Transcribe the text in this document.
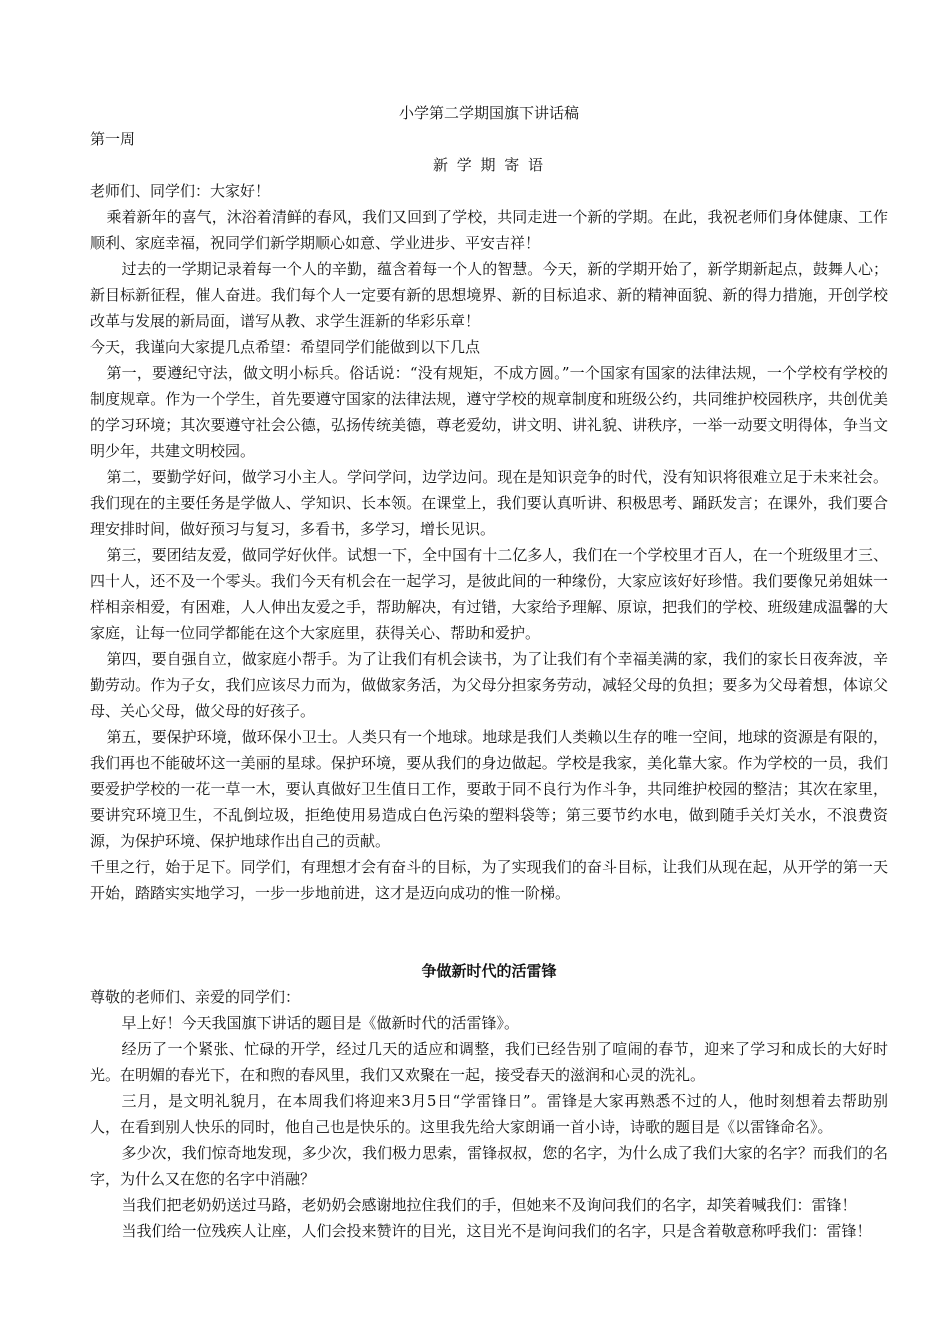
小学第二学期国旗下讲话稿

第一周

新 学 期 寄 语

老师们、同学们：大家好！

乘着新年的喜气，沐浴着清鲜的春风，我们又回到了学校，共同走进一个新的学期。在此，我祝老师们身体健康、工作顺利、家庭幸福，祝同学们新学期顺心如意、学业进步、平安吉祥！

过去的一学期记录着每一个人的辛勤，蕴含着每一个人的智慧。今天，新的学期开始了，新学期新起点，鼓舞人心；新目标新征程，催人奋进。我们每个人一定要有新的思想境界、新的目标追求、新的精神面貌、新的得力措施，开创学校改革与发展的新局面，谱写从教、求学生涯新的华彩乐章！

今天，我谨向大家提几点希望：希望同学们能做到以下几点

第一，要遵纪守法，做文明小标兵。俗话说：“没有规矩，不成方圆。”一个国家有国家的法律法规，一个学校有学校的制度规章。作为一个学生，首先要遵守国家的法律法规，遵守学校的规章制度和班级公约，共同维护校园秩序，共创优美的学习环境；其次要遵守社会公德，弘扬传统美德，尊老爱幼，讲文明、讲礼貌、讲秩序，一举一动要文明得体，争当文明少年，共建文明校园。

第二，要勤学好问，做学习小主人。学问学问，边学边问。现在是知识竞争的时代，没有知识将很难立足于未来社会。我们现在的主要任务是学做人、学知识、长本领。在课堂上，我们要认真听讲、积极思考、踊跃发言；在课外，我们要合理安排时间，做好预习与复习，多看书，多学习，增长见识。

第三，要团结友爱，做同学好伙伴。试想一下，全中国有十二亿多人，我们在一个学校里才百人，在一个班级里才三、四十人，还不及一个零头。我们今天有机会在一起学习，是彼此间的一种缘份，大家应该好好珍惜。我们要像兄弟姐妹一样相亲相爱，有困难，人人伸出友爱之手，帮助解决，有过错，大家给予理解、原谅，把我们的学校、班级建成温馨的大家庭，让每一位同学都能在这个大家庭里，获得关心、帮助和爱护。

第四，要自强自立，做家庭小帮手。为了让我们有机会读书，为了让我们有个幸福美满的家，我们的家长日夜奔波，辛勤劳动。作为子女，我们应该尽力而为，做做家务活，为父母分担家务劳动，减轻父母的负担；要多为父母着想，体谅父母、关心父母，做父母的好孩子。

第五，要保护环境，做环保小卫士。人类只有一个地球。地球是我们人类赖以生存的唯一空间，地球的资源是有限的，我们再也不能破坏这一美丽的星球。保护环境，要从我们的身边做起。学校是我家，美化靠大家。作为学校的一员，我们要爱护学校的一花一草一木，要认真做好卫生值日工作，要敢于同不良行为作斗争，共同维护校园的整洁；其次在家里，要讲究环境卫生，不乱倒垃圾，拒绝使用易造成白色污染的塑料袋等；第三要节约水电，做到随手关灯关水，不浪费资源，为保护环境、保护地球作出自己的贡献。

千里之行，始于足下。同学们，有理想才会有奋斗的目标，为了实现我们的奋斗目标，让我们从现在起，从开学的第一天开始，踏踏实实地学习，一步一步地前进，这才是迈向成功的惟一阶梯。

争做新时代的活雷锋

尊敬的老师们、亲爱的同学们：

早上好！今天我国旗下讲话的题目是《做新时代的活雷锋》。

经历了一个紧张、忙碌的开学，经过几天的适应和调整，我们已经告别了喧闹的春节，迎来了学习和成长的大好时光。在明媚的春光下，在和煦的春风里，我们又欢聚在一起，接受春天的滋润和心灵的洗礼。

三月，是文明礼貌月，在本周我们将迎来3月5日“学雷锋日”。雷锋是大家再熟悉不过的人，他时刻想着去帮助别人，在看到别人快乐的同时，他自己也是快乐的。这里我先给大家朗诵一首小诗，诗歌的题目是《以雷锋命名》。

多少次，我们惊奇地发现，多少次，我们极力思索，雷锋叔叔，您的名字，为什么成了我们大家的名字？而我们的名字，为什么又在您的名字中消融？

当我们把老奶奶送过马路，老奶奶会感谢地拉住我们的手，但她来不及询问我们的名字，却笑着喊我们：雷锋！

当我们给一位残疾人让座，人们会投来赞许的目光，这目光不是询问我们的名字，只是含着敬意称呼我们：雷锋！
